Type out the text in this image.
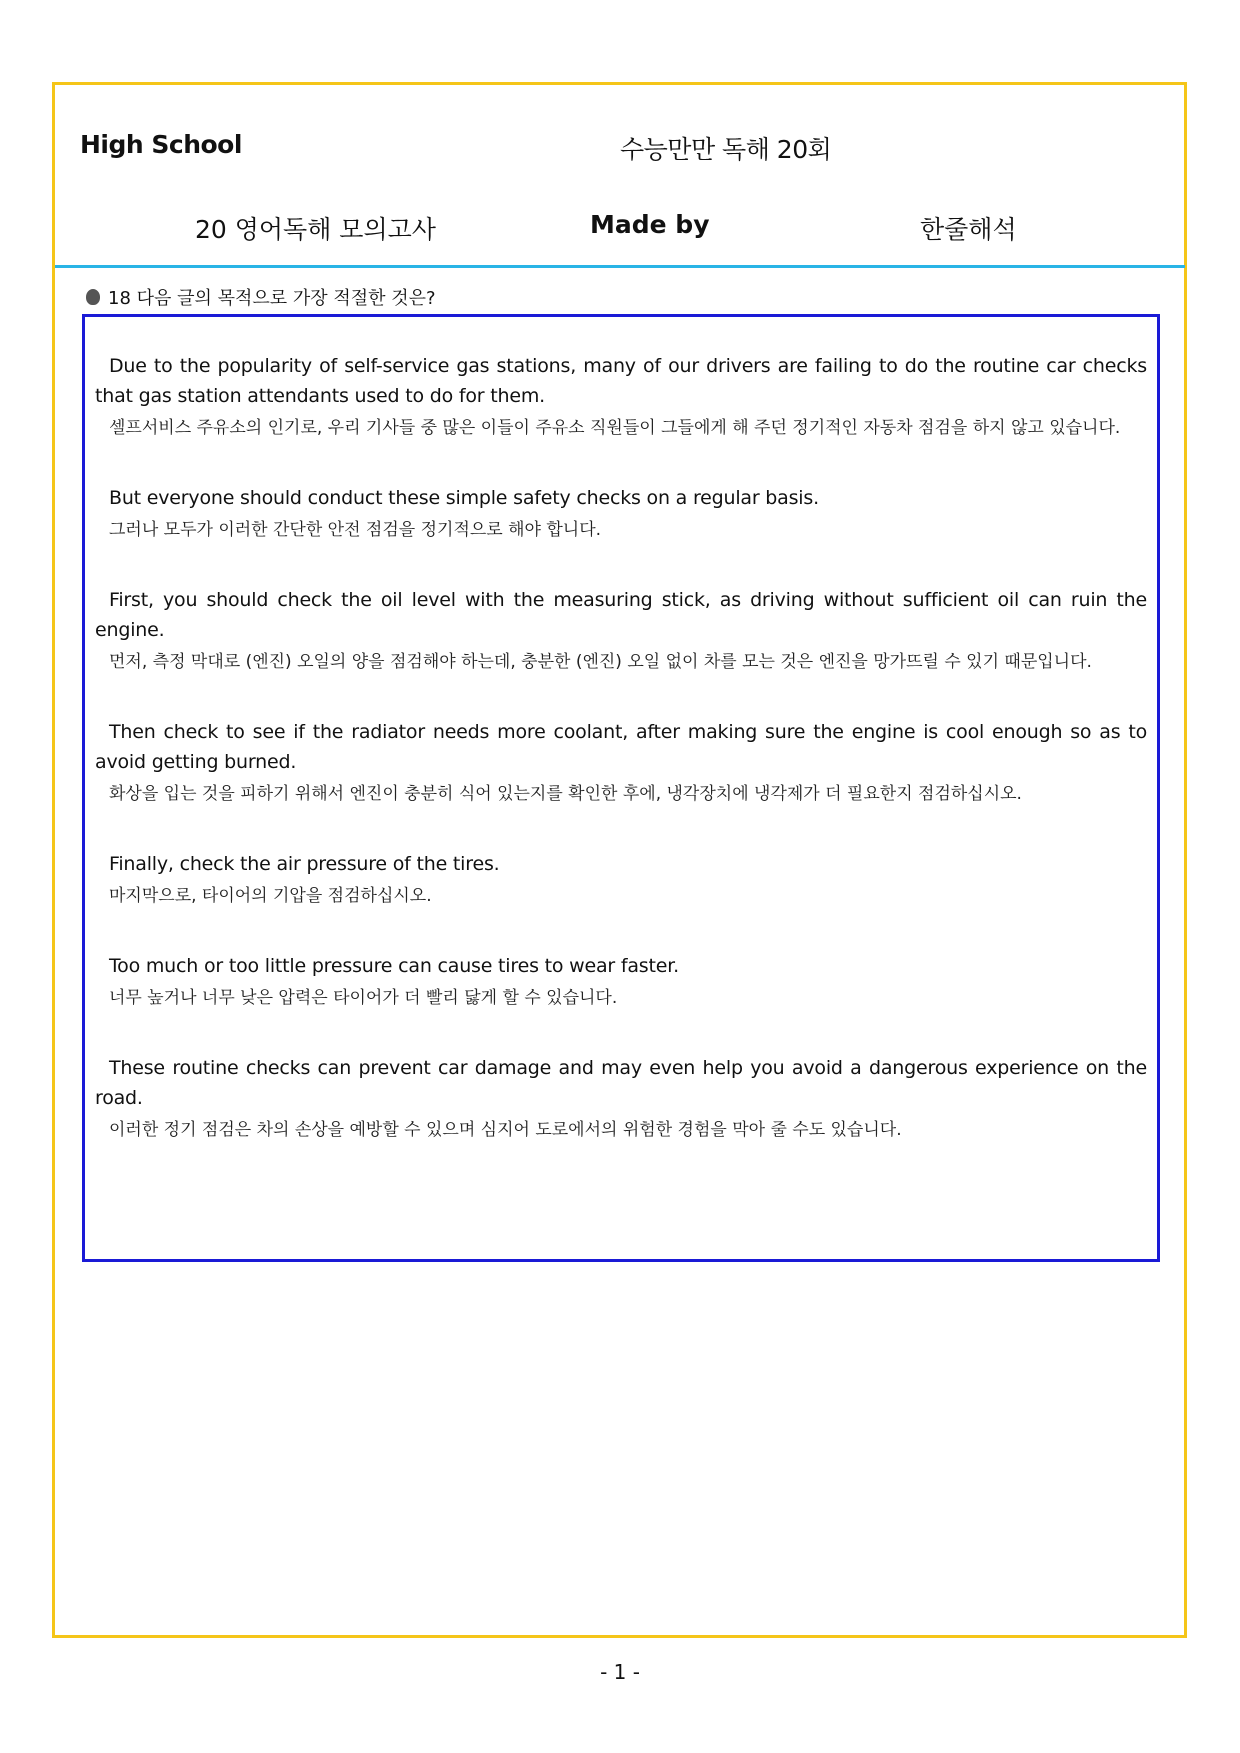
High School	수능만만 독해 20회
20 영어독해 모의고사	Made by	한줄해석
18 다음 글의 목적으로 가장 적절한 것은?

Due to the popularity of self-service gas stations, many of our drivers are failing to do the routine car checks that gas station attendants used to do for them.

셀프서비스 주유소의 인기로, 우리 기사들 중 많은 이들이 주유소 직원들이 그들에게 해 주던 정기적인 자동차 점검을 하지 않고 있습니다.

But everyone should conduct these simple safety checks on a regular basis.

그러나 모두가 이러한 간단한 안전 점검을 정기적으로 해야 합니다.

First, you should check the oil level with the measuring stick, as driving without sufficient oil can ruin the engine.

먼저, 측정 막대로 (엔진) 오일의 양을 점검해야 하는데, 충분한 (엔진) 오일 없이 차를 모는 것은 엔진을 망가뜨릴 수 있기 때문입니다.

Then check to see if the radiator needs more coolant, after making sure the engine is cool enough so as to avoid getting burned.

화상을 입는 것을 피하기 위해서 엔진이 충분히 식어 있는지를 확인한 후에, 냉각장치에 냉각제가 더 필요한지 점검하십시오.

Finally, check the air pressure of the tires.

마지막으로, 타이어의 기압을 점검하십시오.

Too much or too little pressure can cause tires to wear faster.

너무 높거나 너무 낮은 압력은 타이어가 더 빨리 닳게 할 수 있습니다.

These routine checks can prevent car damage and may even help you avoid a dangerous experience on the road.

이러한 정기 점검은 차의 손상을 예방할 수 있으며 심지어 도로에서의 위험한 경험을 막아 줄 수도 있습니다.

- 1 -
